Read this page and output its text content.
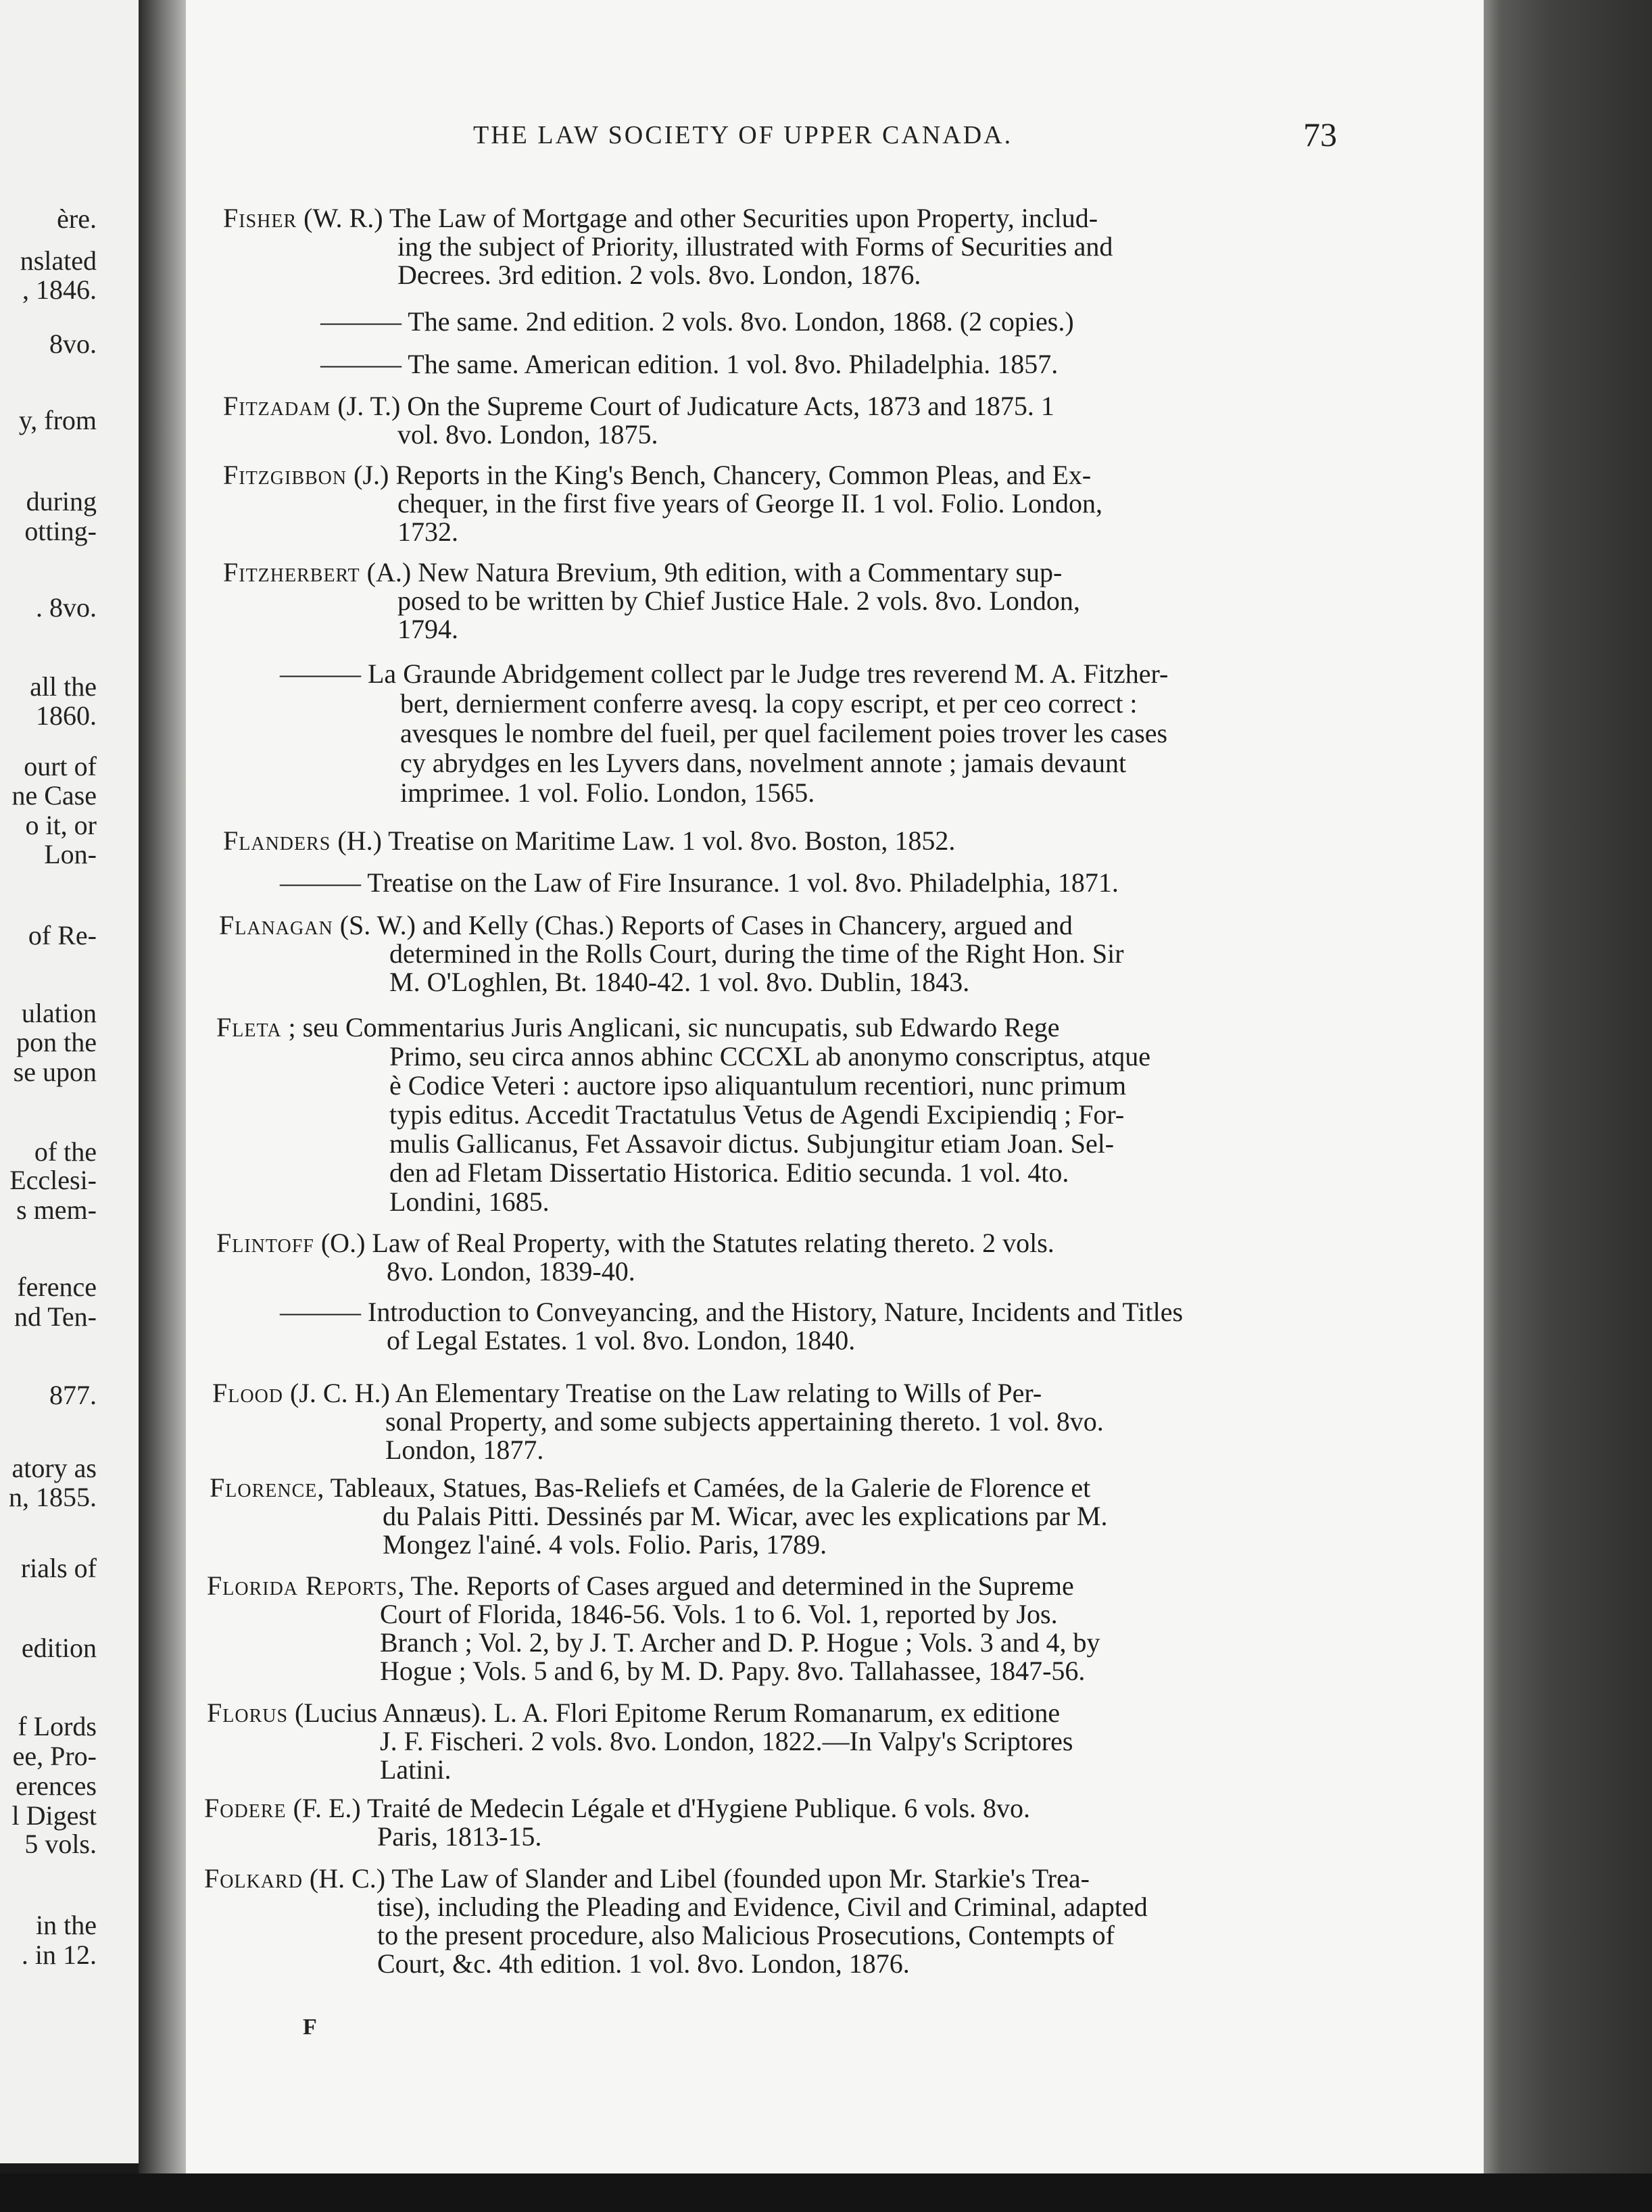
ère.
nslated
, 1846.
8vo.
y, from
during
otting-
. 8vo.
all the
1860.
ourt of
ne Case
o it, or
Lon-
of Re-
ulation
pon the
se upon
of the
Ecclesi-
s mem-
ference
nd Ten-
877.
atory as
n, 1855.
rials of
edition
f Lords
ee, Pro-
erences
l Digest
5 vols.
in the
. in 12.
THE LAW SOCIETY OF UPPER CANADA.	73
Fisher (W. R.) The Law of Mortgage and other Securities upon Property, includ-
ing the subject of Priority, illustrated with Forms of Securities and
Decrees. 3rd edition. 2 vols. 8vo. London, 1876.
——— The same. 2nd edition. 2 vols. 8vo. London, 1868. (2 copies.)
——— The same. American edition. 1 vol. 8vo. Philadelphia. 1857.
Fitzadam (J. T.) On the Supreme Court of Judicature Acts, 1873 and 1875. 1
vol. 8vo. London, 1875.
Fitzgibbon (J.) Reports in the King's Bench, Chancery, Common Pleas, and Ex-
chequer, in the first five years of George II. 1 vol. Folio. London,
1732.
Fitzherbert (A.) New Natura Brevium, 9th edition, with a Commentary sup-
posed to be written by Chief Justice Hale. 2 vols. 8vo. London,
1794.
——— La Graunde Abridgement collect par le Judge tres reverend M. A. Fitzher-
bert, dernierment conferre avesq. la copy escript, et per ceo correct :
avesques le nombre del fueil, per quel facilement poies trover les cases
cy abrydges en les Lyvers dans, novelment annote ; jamais devaunt
imprimee. 1 vol. Folio. London, 1565.
Flanders (H.) Treatise on Maritime Law. 1 vol. 8vo. Boston, 1852.
——— Treatise on the Law of Fire Insurance. 1 vol. 8vo. Philadelphia, 1871.
Flanagan (S. W.) and Kelly (Chas.) Reports of Cases in Chancery, argued and
determined in the Rolls Court, during the time of the Right Hon. Sir
M. O'Loghlen, Bt. 1840-42. 1 vol. 8vo. Dublin, 1843.
Fleta ; seu Commentarius Juris Anglicani, sic nuncupatis, sub Edwardo Rege
Primo, seu circa annos abhinc CCCXL ab anonymo conscriptus, atque
è Codice Veteri : auctore ipso aliquantulum recentiori, nunc primum
typis editus. Accedit Tractatulus Vetus de Agendi Excipiendiq ; For-
mulis Gallicanus, Fet Assavoir dictus. Subjungitur etiam Joan. Sel-
den ad Fletam Dissertatio Historica. Editio secunda. 1 vol. 4to.
Londini, 1685.
Flintoff (O.) Law of Real Property, with the Statutes relating thereto. 2 vols.
8vo. London, 1839-40.
——— Introduction to Conveyancing, and the History, Nature, Incidents and Titles
of Legal Estates. 1 vol. 8vo. London, 1840.
Flood (J. C. H.) An Elementary Treatise on the Law relating to Wills of Per-
sonal Property, and some subjects appertaining thereto. 1 vol. 8vo.
London, 1877.
Florence, Tableaux, Statues, Bas-Reliefs et Camées, de la Galerie de Florence et
du Palais Pitti. Dessinés par M. Wicar, avec les explications par M.
Mongez l'ainé. 4 vols. Folio. Paris, 1789.
Florida Reports, The. Reports of Cases argued and determined in the Supreme
Court of Florida, 1846-56. Vols. 1 to 6. Vol. 1, reported by Jos.
Branch ; Vol. 2, by J. T. Archer and D. P. Hogue ; Vols. 3 and 4, by
Hogue ; Vols. 5 and 6, by M. D. Papy. 8vo. Tallahassee, 1847-56.
Florus (Lucius Annæus). L. A. Flori Epitome Rerum Romanarum, ex editione
J. F. Fischeri. 2 vols. 8vo. London, 1822.—In Valpy's Scriptores
Latini.
Fodere (F. E.) Traité de Medecin Légale et d'Hygiene Publique. 6 vols. 8vo.
Paris, 1813-15.
Folkard (H. C.) The Law of Slander and Libel (founded upon Mr. Starkie's Trea-
tise), including the Pleading and Evidence, Civil and Criminal, adapted
to the present procedure, also Malicious Prosecutions, Contempts of
Court, &c. 4th edition. 1 vol. 8vo. London, 1876.
F
